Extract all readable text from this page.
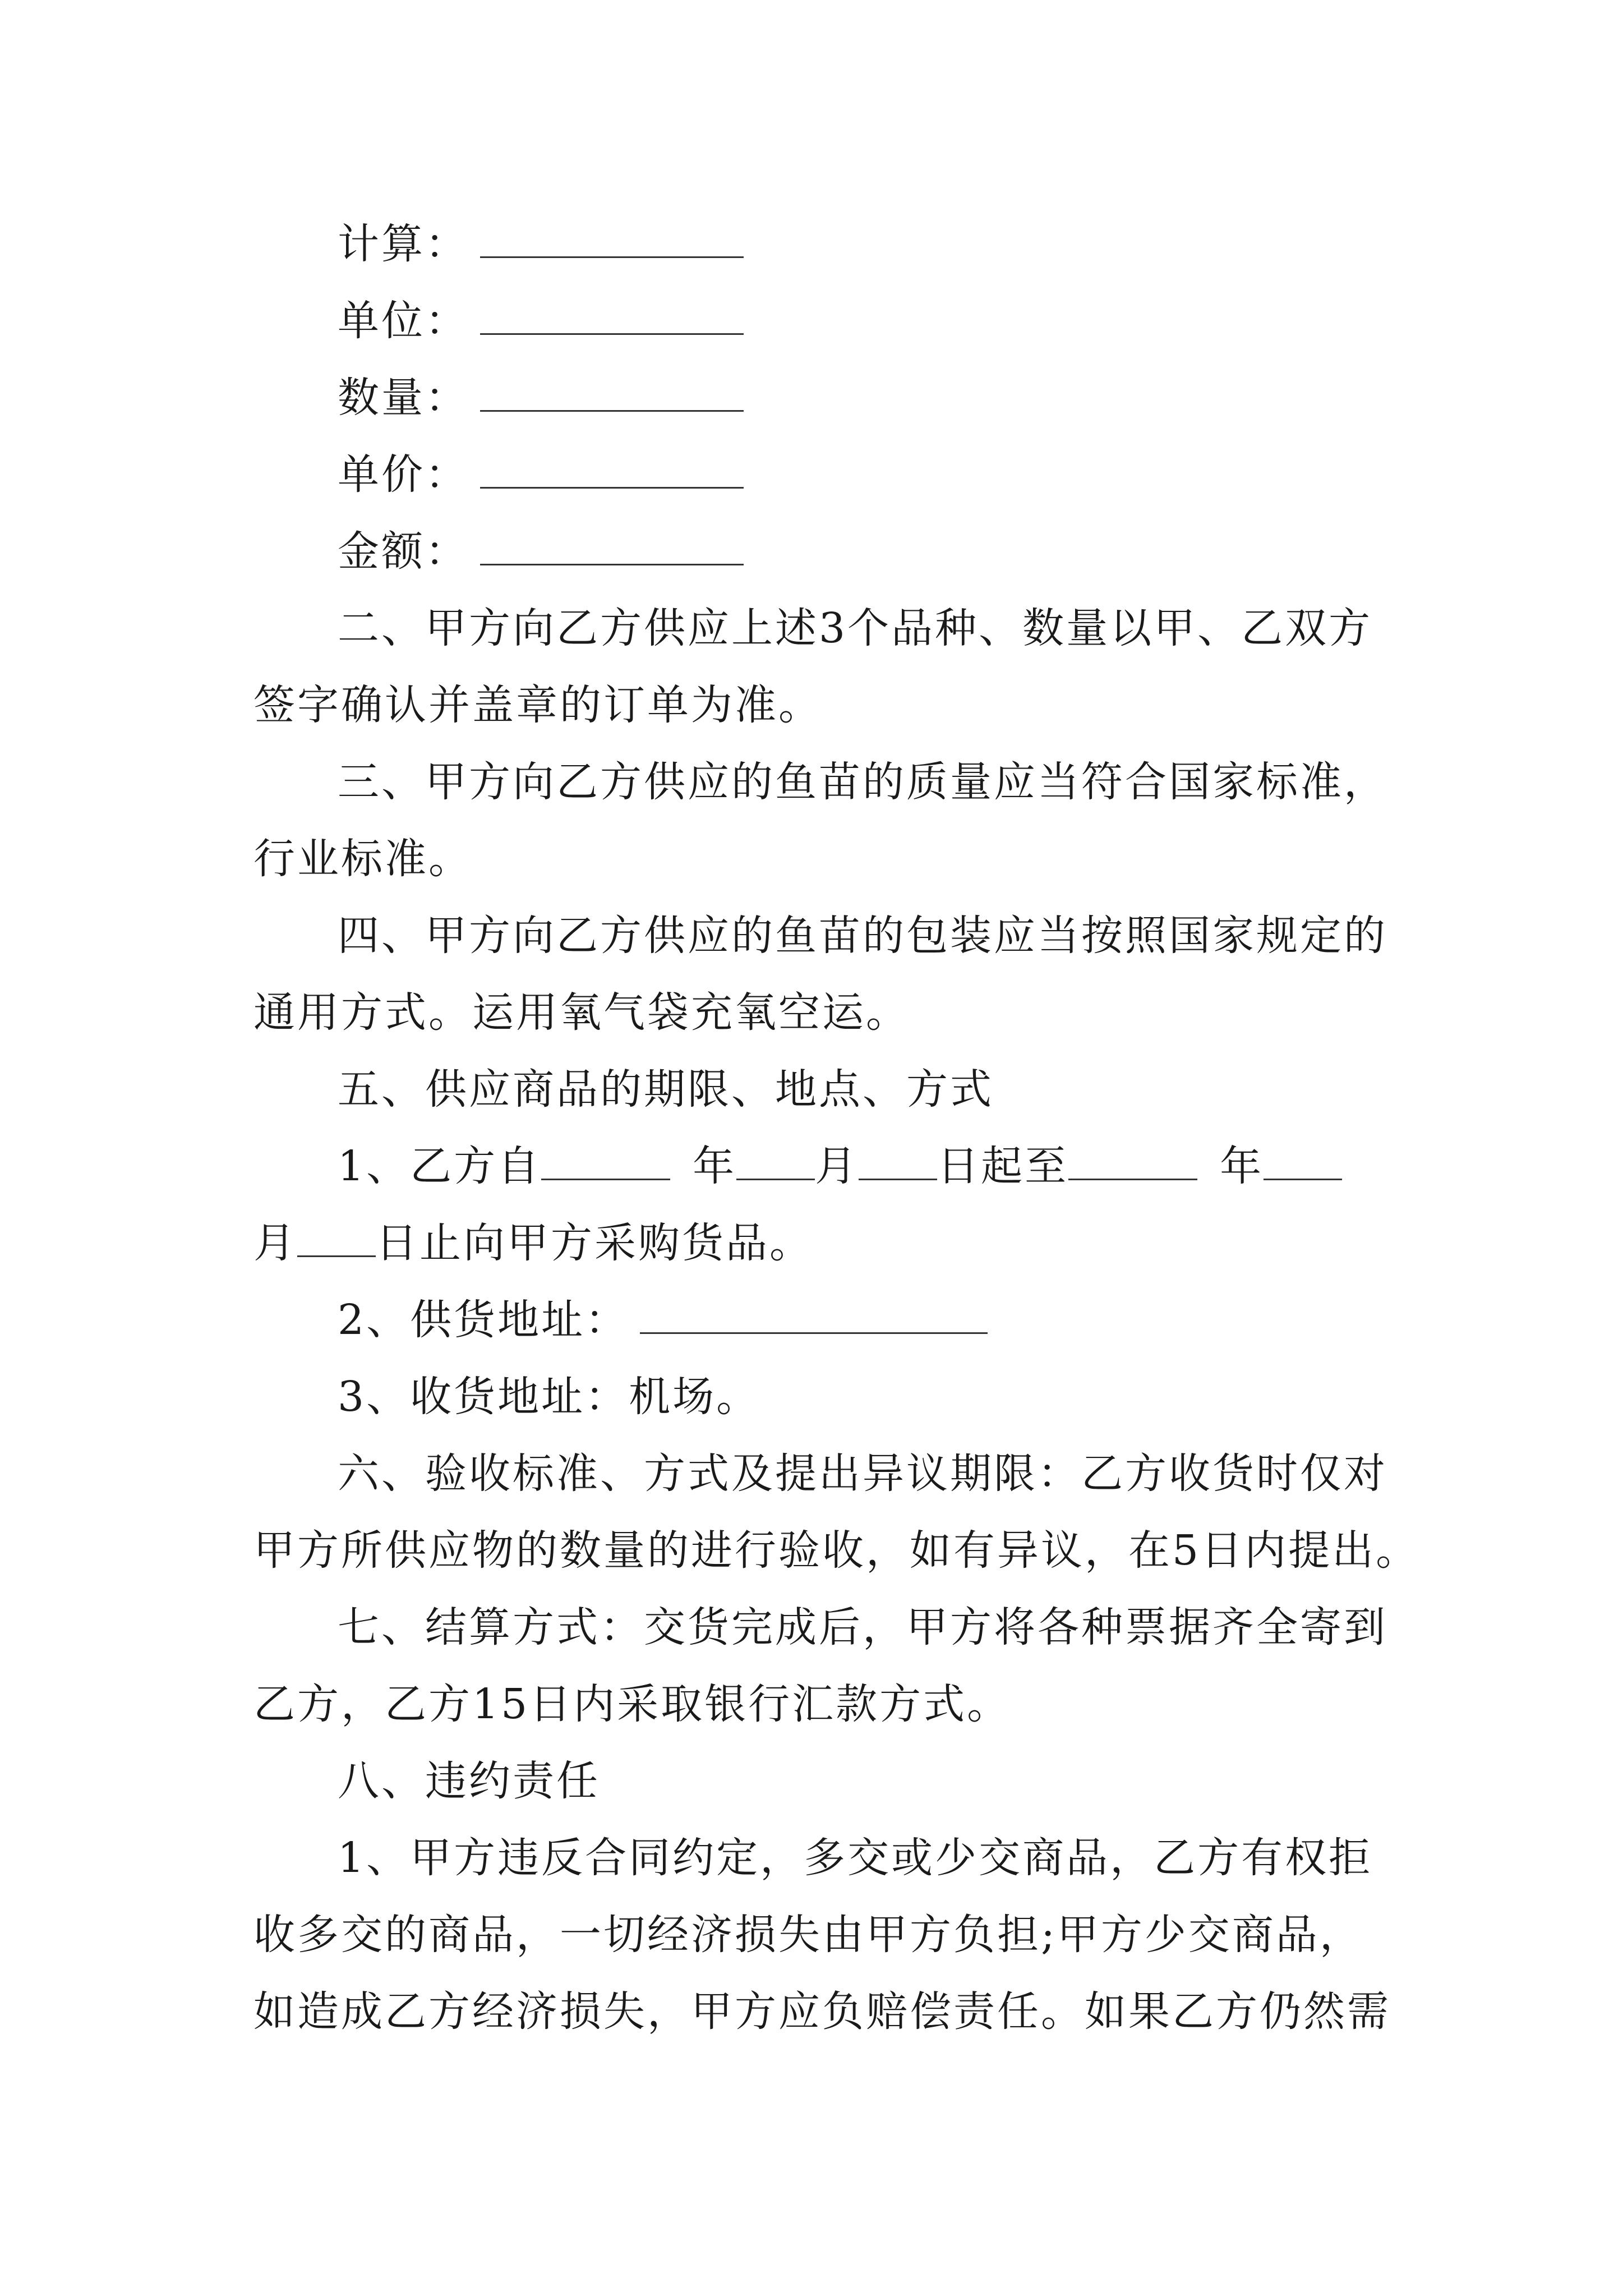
计算：
单位：
数量：
单价：
金额：
二、甲方向乙方供应上述3个品种、数量以甲、乙双方
签字确认并盖章的订单为准。
三、甲方向乙方供应的鱼苗的质量应当符合国家标准，
行业标准。
四、甲方向乙方供应的鱼苗的包装应当按照国家规定的
通用方式。运用氧气袋充氧空运。
五、供应商品的期限、地点、方式
1、乙方自	年 月 日起至	年
月 日止向甲方采购货品。
2、供货地址：
3、收货地址：机场。
六、验收标准、方式及提出异议期限：乙方收货时仅对
甲方所供应物的数量的进行验收，如有异议，在5日内提出。
七、结算方式：交货完成后，甲方将各种票据齐全寄到
乙方，乙方15日内采取银行汇款方式。
八、违约责任
1、甲方违反合同约定，多交或少交商品，乙方有权拒
收多交的商品，一切经济损失由甲方负担;甲方少交商品，
如造成乙方经济损失，甲方应负赔偿责任。如果乙方仍然需
